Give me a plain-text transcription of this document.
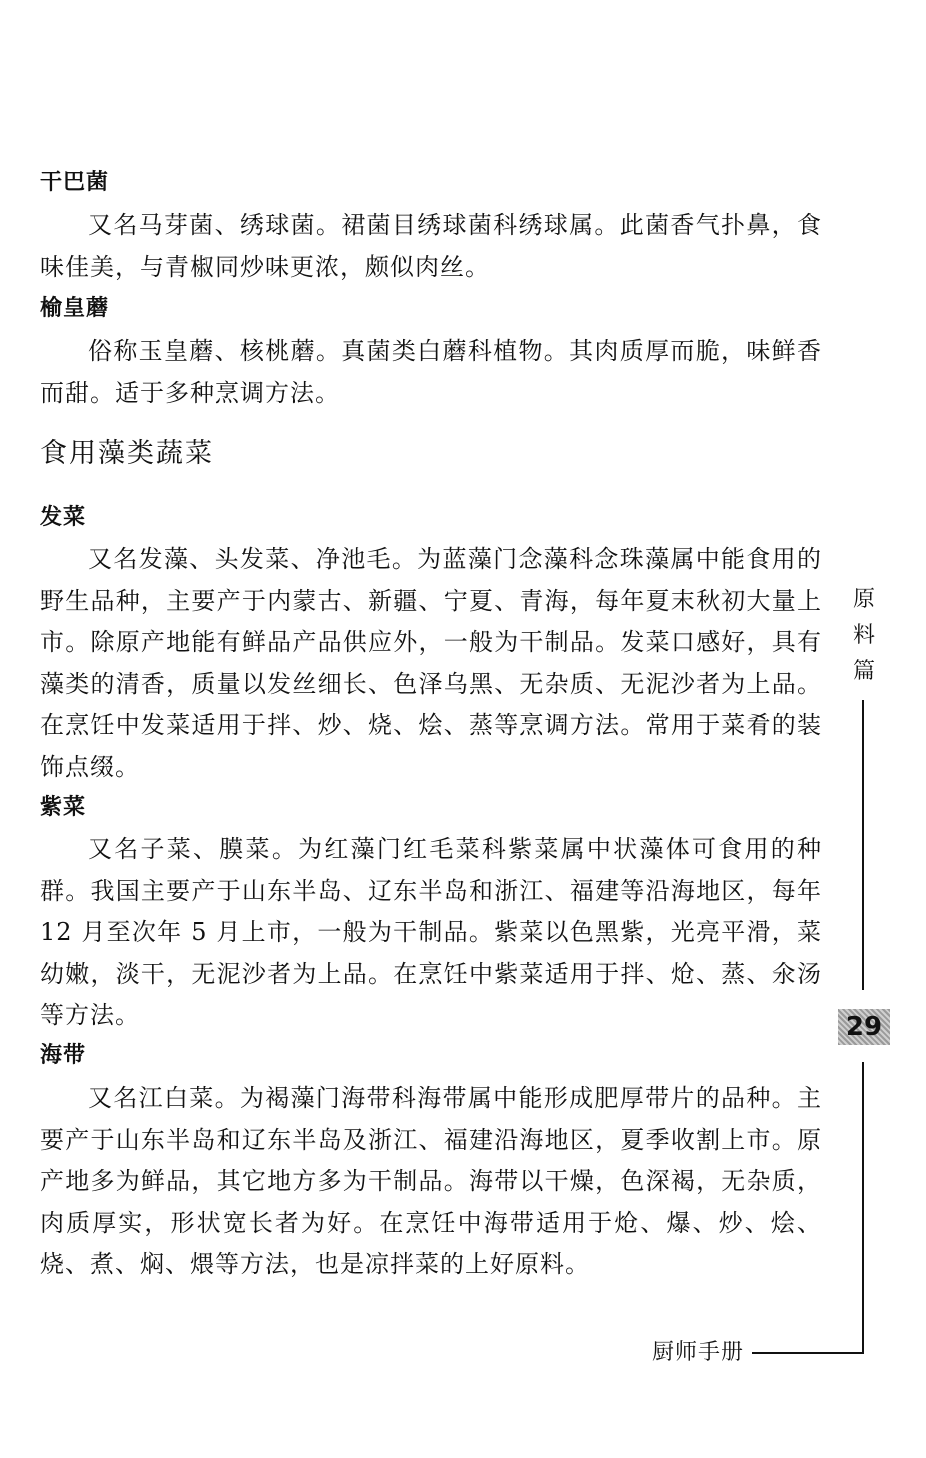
干巴菌

又名马芽菌、绣球菌。裙菌目绣球菌科绣球属。此菌香气扑鼻，食味佳美，与青椒同炒味更浓，颇似肉丝。

榆皇蘑

俗称玉皇蘑、核桃蘑。真菌类白蘑科植物。其肉质厚而脆，味鲜香而甜。适于多种烹调方法。

食用藻类蔬菜
发菜

又名发藻、头发菜、净池毛。为蓝藻门念藻科念珠藻属中能食用的野生品种，主要产于内蒙古、新疆、宁夏、青海，每年夏末秋初大量上市。除原产地能有鲜品产品供应外，一般为干制品。发菜口感好，具有藻类的清香，质量以发丝细长、色泽乌黑、无杂质、无泥沙者为上品。在烹饪中发菜适用于拌、炒、烧、烩、蒸等烹调方法。常用于菜肴的装饰点缀。

紫菜

又名子菜、膜菜。为红藻门红毛菜科紫菜属中状藻体可食用的种群。我国主要产于山东半岛、辽东半岛和浙江、福建等沿海地区，每年 12 月至次年 5 月上市，一般为干制品。紫菜以色黑紫，光亮平滑，菜幼嫩，淡干，无泥沙者为上品。在烹饪中紫菜适用于拌、炝、蒸、氽汤等方法。

海带

又名江白菜。为褐藻门海带科海带属中能形成肥厚带片的品种。主要产于山东半岛和辽东半岛及浙江、福建沿海地区，夏季收割上市。原产地多为鲜品，其它地方多为干制品。海带以干燥，色深褐，无杂质，肉质厚实，形状宽长者为好。在烹饪中海带适用于炝、爆、炒、烩、烧、煮、焖、煨等方法，也是凉拌菜的上好原料。

原
料
篇
29
厨师手册
